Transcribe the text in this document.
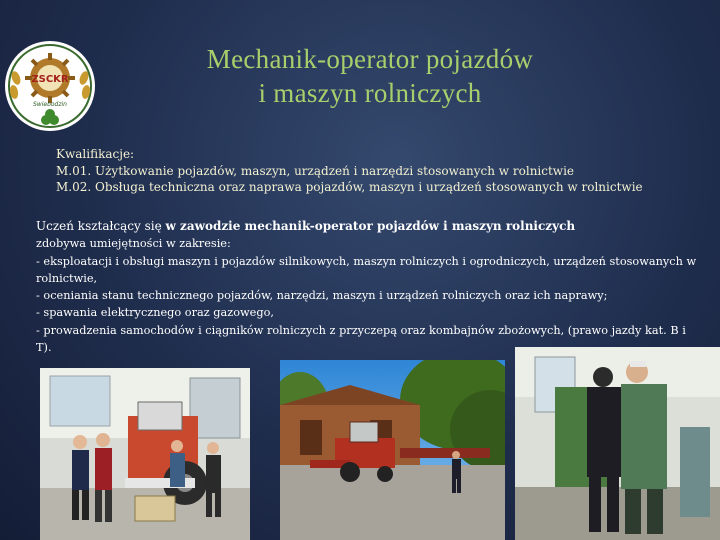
ZSCKR
Swiebodzin
Mechanik-operator pojazdów
i maszyn rolniczych
Kwalifikacje:
M.01. Użytkowanie pojazdów, maszyn, urządzeń i narzędzi stosowanych w rolnictwie
M.02. Obsługa techniczna oraz naprawa pojazdów, maszyn i urządzeń stosowanych w rolnictwie
Uczeń kształcący się w zawodzie mechanik-operator pojazdów i maszyn rolniczych
zdobywa umiejętności w zakresie:
- eksploatacji i obsługi maszyn i pojazdów silnikowych, maszyn rolniczych i ogrodniczych, urządzeń stosowanych w rolnictwie,
- oceniania stanu technicznego pojazdów, narzędzi, maszyn i urządzeń rolniczych oraz ich naprawy;
- spawania elektrycznego oraz gazowego,
- prowadzenia samochodów i ciągników rolniczych z przyczepą oraz kombajnów zbożowych, (prawo jazdy kat. B i T).
